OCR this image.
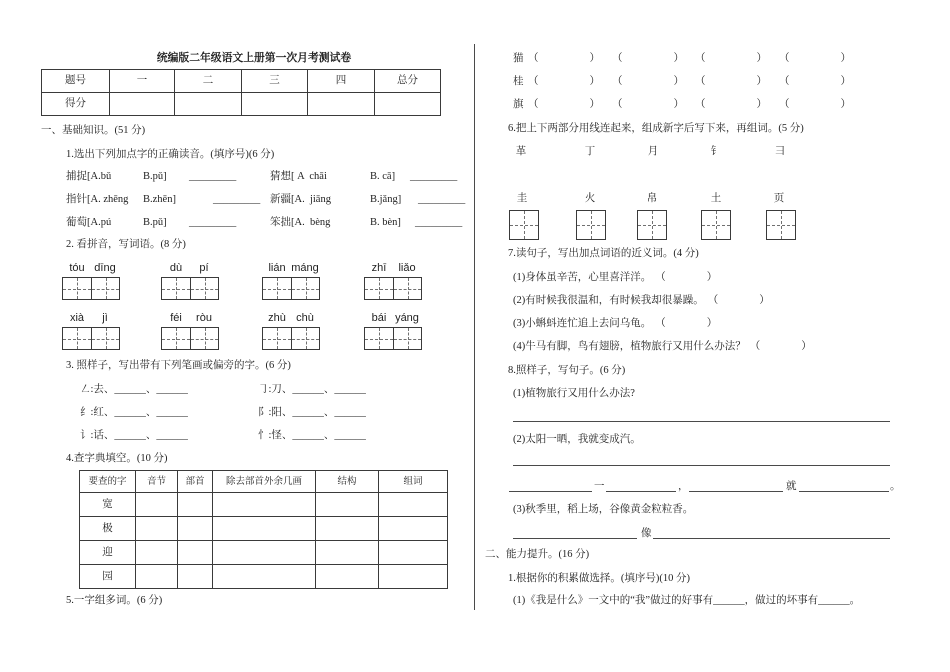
统编版二年级语文上册第一次月考测试卷
一、基础知识。(51 分)
1.选出下列加点字的正确读音。(填序号)(6 分)
2. 看拼音，写词语。(8 分)
3. 照样子，写出带有下列笔画或偏旁的字。(6 分)
4.查字典填空。(10 分)
5.一字组多词。(6 分)
6.把上下两部分用线连起来，组成新字后写下来，再组词。(5 分)
7.读句子，写出加点词语的近义词。(4 分)
8.照样子，写句子。(6 分)
(1)植物旅行又用什么办法?
(2)太阳一晒，我就变成汽。
一	，	就	。
(3)秋季里，稻上场，谷像黄金粒粒香。
像
二、能力提升。(16 分)
1.根据你的积累做选择。(填序号)(10 分)
(1)《我是什么》一文中的“我”做过的好事有______，做过的坏事有______。
题号	一	二	三	四	总分
得分					
捕捉[A.bǔ	B.pǔ] _________	猜想[ A  chāi	B. cā] _________
指针[A. zhēng B.zhēn]	_________ 新疆[A.  jiāng	B.jǎng] _________
葡萄[A.pú	B.pǔ] _________	笨拙[A.  bèng	B. bèn] _________
tóu dīng	dù	pí	lián máng	zhī	liǎo
xià	jì	féi	ròu	zhù chù	bái yáng
㇜:去、______、______	㇆:刀、______、______
纟:红、______、______	阝:阳、______、______
讠:话、______、______	忄:怪、______、______
要查的字	音节	部首	除去部首外余几画	结构	组词
宽					
极					
迎					
园					
猫 （	） （	） （	） （	）
桂 （	） （	） （	） （	）
旗 （	） （	） （	） （	）
革	丁	月	钅	彐
圭	火	帛	土	页
(1)身体虽辛苦，心里喜洋洋。 （	）
(2)有时候我很温和，有时候我却很暴躁。 （	）
(3)小蝌蚪连忙追上去问乌龟。 （	）
(4)牛马有脚，鸟有翅膀，植物旅行又用什么办法？ （	）
